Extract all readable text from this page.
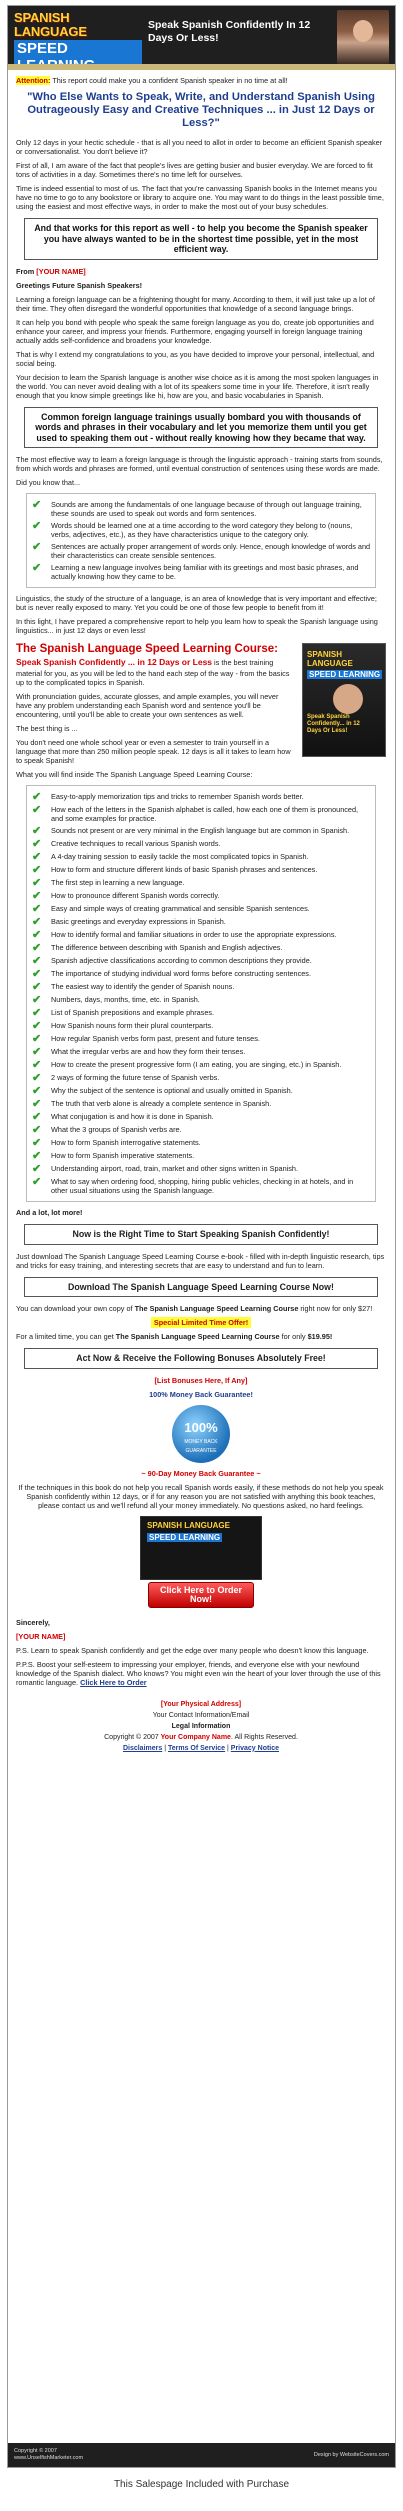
SPANISH LANGUAGE
SPEED
Speak Spanish Confidently In 12 Days Or Less!

Attention: This report could make you a confident Spanish speaker in no time at all!

"Who Else Wants to Speak, Write, and Understand Spanish Using Outrageously Easy and Creative Techniques ... in Just 12 Days or Less?"

Only 12 days in your hectic schedule - that is all you need to allot in order to become an efficient Spanish speaker or conversationalist. You don't believe it?

First of all, I am aware of the fact that people's lives are getting busier and busier everyday. We are forced to fit tons of activities in a day. Sometimes there's no time left for ourselves.

Time is indeed essential to most of us. The fact that you're canvassing Spanish books in the Internet means you have no time to go to any bookstore or library to acquire one. You may want to do things in the least possible time, using the easiest and most effective ways, in order to make the most out of your busy schedules.

And that works for this report as well - to help you become the Spanish speaker you have always wanted to be in the shortest time possible, yet in the most efficient way.

From [YOUR NAME]

Greetings Future Spanish Speakers!

Learning a foreign language can be a frightening thought for many. According to them, it will just take up a lot of their time. They often disregard the wonderful opportunities that knowledge of a second language brings.

It can help you bond with people who speak the same foreign language as you do, create job opportunities and enhance your career, and impress your friends. Furthermore, engaging yourself in foreign language training actually adds self-confidence and broadens your knowledge.

That is why I extend my congratulations to you, as you have decided to improve your personal, intellectual, and social being.

Your decision to learn the Spanish language is another wise choice as it is among the most spoken languages in the world. You can never avoid dealing with a lot of its speakers some time in your life. Therefore, it isn't really enough that you know simple greetings like hi, how are you, and basic vocabularies in Spanish.

Common foreign language trainings usually bombard you with thousands of words and phrases in their vocabulary and let you memorize them until you get used to speaking them out - without really knowing how they became that way.

The most effective way to learn a foreign language is through the linguistic approach - training starts from sounds, from which words and phrases are formed, until eventual construction of sentences using these words are made.

Did you know that...

✔
Sounds are among the fundamentals of one language because of through out language training, these sounds are used to speak out words and form sentences.
✔
Words should be learned one at a time according to the word category they belong to (nouns, verbs, adjectives, etc.), as they have characteristics unique to the category only.
✔
Sentences are actually proper arrangement of words only. Hence, enough knowledge of words and their characteristics can create sensible sentences.
✔
Learning a new language involves being familiar with its greetings and most basic phrases, and actually knowing how they came to be.

Linguistics, the study of the structure of a language, is an area of knowledge that is very important and effective; but is never really exposed to many. Yet you could be one of those few people to benefit from it!

In this light, I have prepared a comprehensive report to help you learn how to speak the Spanish language using linguistics... in just 12 days or even less!

SPANISH LANGUAGE
SPEED LEARNING
Speak Spanish Confidently... in 12 Days Or Less!

The Spanish Language Speed Learning Course: Speak Spanish Confidently ... in 12 Days or Less is the best training material for you, as you will be led to the hand each step of the way - from the basics up to the complicated topics in Spanish.

With pronunciation guides, accurate glosses, and ample examples, you will never have any problem understanding each Spanish word and sentence you'll be encountering, until you'll be able to create your own sentences as well.

The best thing is ...

You don't need one whole school year or even a semester to train yourself in a language that more than 250 million people speak. 12 days is all it takes to learn how to speak Spanish!

What you will find inside The Spanish Language Speed Learning Course:

✔
Easy-to-apply memorization tips and tricks to remember Spanish words better.
✔
How each of the letters in the Spanish alphabet is called, how each one of them is pronounced, and some examples for practice.
✔
Sounds not present or are very minimal in the English language but are common in Spanish.
✔
Creative techniques to recall various Spanish words.
✔
A 4-day training session to easily tackle the most complicated topics in Spanish.
✔
How to form and structure different kinds of basic Spanish phrases and sentences.
✔
The first step in learning a new language.
✔
How to pronounce different Spanish words correctly.
✔
Easy and simple ways of creating grammatical and sensible Spanish sentences.
✔
Basic greetings and everyday expressions in Spanish.
✔
How to identify formal and familiar situations in order to use the appropriate expressions.
✔
The difference between describing with Spanish and English adjectives.
✔
Spanish adjective classifications according to common descriptions they provide.
✔
The importance of studying individual word forms before constructing sentences.
✔
The easiest way to identify the gender of Spanish nouns.
✔
Numbers, days, months, time, etc. in Spanish.
✔
List of Spanish prepositions and example phrases.
✔
How Spanish nouns form their plural counterparts.
✔
How regular Spanish verbs form past, present and future tenses.
✔
What the irregular verbs are and how they form their tenses.
✔
How to create the present progressive form (I am eating, you are singing, etc.) in Spanish.
✔
2 ways of forming the future tense of Spanish verbs.
✔
Why the subject of the sentence is optional and usually omitted in Spanish.
✔
The truth that verb alone is already a complete sentence in Spanish.
✔
What conjugation is and how it is done in Spanish.
✔
What the 3 groups of Spanish verbs are.
✔
How to form Spanish interrogative statements.
✔
How to form Spanish imperative statements.
✔
Understanding airport, road, train, market and other signs written in Spanish.
✔
What to say when ordering food, shopping, hiring public vehicles, checking in at hotels, and in other usual situations using the Spanish language.

And a lot, lot more!

Now is the Right Time to Start Speaking Spanish Confidently!

Just download The Spanish Language Speed Learning Course e-book - filled with in-depth linguistic research, tips and tricks for easy training, and interesting secrets that are easy to understand and fun to learn.

Download The Spanish Language Speed Learning Course Now!

You can download your own copy of The Spanish Language Speed Learning Course right now for only $27!

Special Limited Time Offer!

For a limited time, you can get The Spanish Language Speed Learning Course for only $19.95!

Act Now & Receive the Following Bonuses Absolutely Free!

[List Bonuses Here, If Any]

100% Money Back Guarantee!

100%
MONEY BACK GUARANTEE

~ 90-Day Money Back Guarantee ~

If the techniques in this book do not help you recall Spanish words easily, if these methods do not help you speak Spanish confidently within 12 days, or if for any reason you are not satisfied with anything this book teaches, please contact us and we'll refund all your money immediately. No questions asked, no hard feelings.

SPANISH LANGUAGE
SPEED LEARNING
Click Here to Order Now!

Sincerely,

[YOUR NAME]

P.S. Learn to speak Spanish confidently and get the edge over many people who doesn't know this language.

P.P.S. Boost your self-esteem to impressing your employer, friends, and everyone else with your newfound knowledge of the Spanish dialect. Who knows? You might even win the heart of your lover through the use of this romantic language. Click Here to Order

[Your Physical Address]
Your Contact Information/Email
Legal Information
Copyright © 2007 Your Company Name. All Rights Reserved.
Disclaimers | Terms Of Service | Privacy Notice
Copyright © 2007
www.UnselfishMarketer.com	Design by WebsiteCovers.com
This Salespage Included with Purchase
